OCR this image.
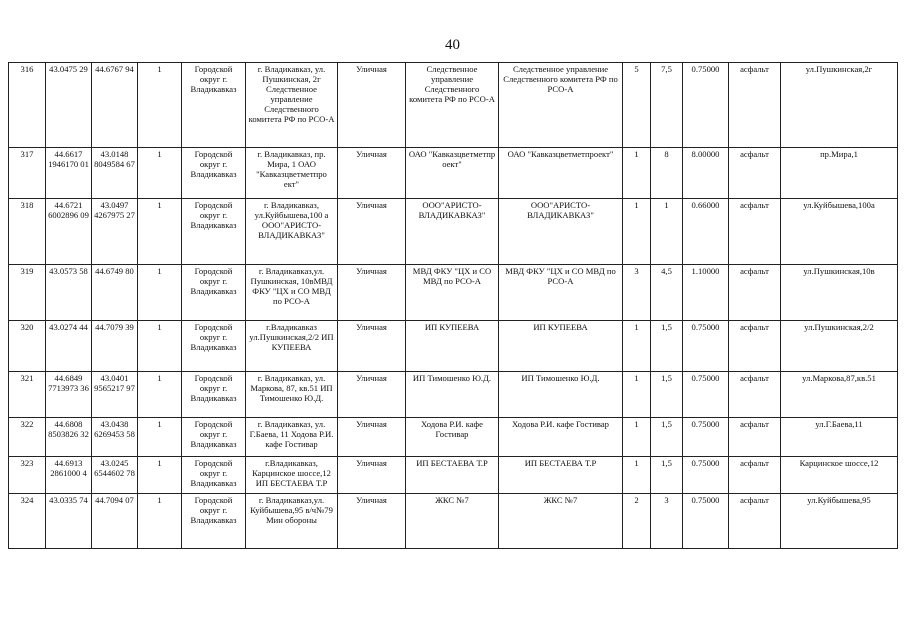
40
316	43.0475 29	44.6767 94	1	Городской округ г. Владикавказ	г. Владикавказ, ул. Пушкинская, 2г Следственное управление Следственного комитета РФ по РСО-А	Уличная	Следственное управление Следственного комитета РФ по РСО-А	Следственное управление Следственного комитета РФ по РСО-А	5	7,5	0.75000	асфальт	ул.Пушкинская,2г
317	44.6617 1946170 01	43.0148 8049584 67	1	Городской округ г. Владикавказ	г. Владикавказ, пр. Мира, 1 ОАО "Кавказцветметпро ект"	Уличная	ОАО "Кавказцветметпр оект"	ОАО "Кавказцветметпроект"	1	8	8.00000	асфальт	пр.Мира,1
318	44.6721 6002896 09	43.0497 4267975 27	1	Городской округ г. Владикавказ	г. Владикавказ, ул.Куйбышева,100 а ООО"АРИСТО-ВЛАДИКАВКАЗ"	Уличная	ООО"АРИСТО-ВЛАДИКАВКАЗ"	ООО"АРИСТО-ВЛАДИКАВКАЗ"	1	1	0.66000	асфальт	ул.Куйбышева,100а
319	43.0573 58	44.6749 80	1	Городской округ г. Владикавказ	г. Владикавказ,ул. Пушкинская, 10вМВД ФКУ "ЦХ и СО МВД по РСО-А	Уличная	МВД ФКУ "ЦХ и СО МВД по РСО-А	МВД ФКУ "ЦХ и СО МВД по РСО-А	3	4,5	1.10000	асфальт	ул.Пушкинская,10в
320	43.0274 44	44.7079 39	1	Городской округ г. Владикавказ	г.Владикавказ ул.Пушкинская,2/2 ИП КУПЕЕВА	Уличная	ИП КУПЕЕВА	ИП КУПЕЕВА	1	1,5	0.75000	асфальт	ул.Пушкинская,2/2
321	44.6849 7713973 36	43.0401 9565217 97	1	Городской округ г. Владикавказ	г. Владикавказ, ул. Маркова, 87, кв.51 ИП Тимошенко Ю.Д.	Уличная	ИП Тимошенко Ю.Д.	ИП Тимошенко Ю.Д.	1	1,5	0.75000	асфальт	ул.Маркова,87,кв.51
322	44.6808 8503826 32	43.0438 6269453 58	1	Городской округ г. Владикавказ	г. Владикавказ, ул. Г.Баева, 11 Ходова Р.И. кафе Гостивар	Уличная	Ходова Р.И. кафе Гостивар	Ходова Р.И. кафе Гостивар	1	1,5	0.75000	асфальт	ул.Г.Баева,11
323	44.6913 2861000 4	43.0245 6544602 78	1	Городской округ г. Владикавказ	г.Владикавказ, Карцинское шоссе,12 ИП БЕСТАЕВА Т.Р	Уличная	ИП БЕСТАЕВА Т.Р	ИП БЕСТАЕВА Т.Р	1	1,5	0.75000	асфальт	Карцинское шоссе,12
324	43.0335 74	44.7094 07	1	Городской округ г. Владикавказ	г. Владикавказ,ул. Куйбышева,95 в/ч№79 Мин обороны	Уличная	ЖКС №7	ЖКС №7	2	3	0.75000	асфальт	ул.Куйбышева,95
